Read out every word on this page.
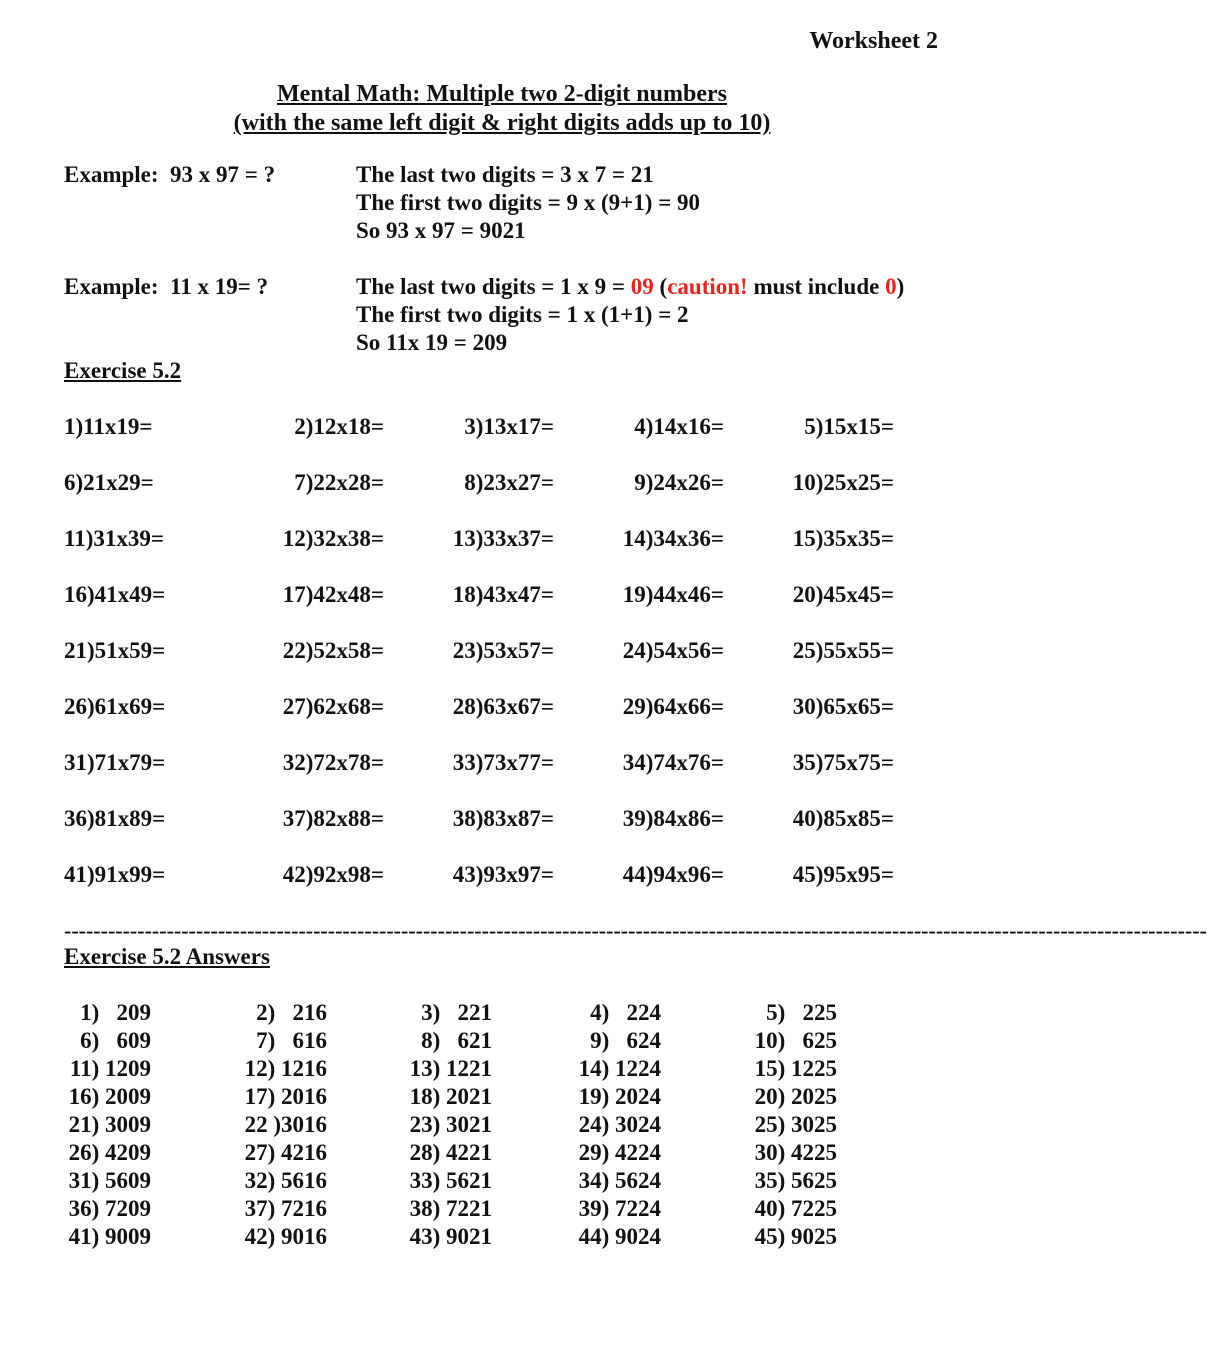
Worksheet 2
Mental Math: Multiple two 2-digit numbers
(with the same left digit & right digits adds up to 10)
Example:  93 x 97 = ?	The last two digits = 3 x 7 = 21
The first two digits = 9 x (9+1) = 90
So 93 x 97 = 9021
Example:  11 x 19= ?	The last two digits = 1 x 9 = 09 (caution! must include 0)
The first two digits = 1 x (1+1) = 2
So 11x 19 = 209
Exercise 5.2
1)11x19=	2)12x18=	3)13x17=	4)14x16=	5)15x15=
6)21x29=	7)22x28=	8)23x27=	9)24x26=	10)25x25=
11)31x39=	12)32x38=	13)33x37=	14)34x36=	15)35x35=
16)41x49=	17)42x48=	18)43x47=	19)44x46=	20)45x45=
21)51x59=	22)52x58=	23)53x57=	24)54x56=	25)55x55=
26)61x69=	27)62x68=	28)63x67=	29)64x66=	30)65x65=
31)71x79=	32)72x78=	33)73x77=	34)74x76=	35)75x75=
36)81x89=	37)82x88=	38)83x87=	39)84x86=	40)85x85=
41)91x99=	42)92x98=	43)93x97=	44)94x96=	45)95x95=
------------------------------------------------------------------------------------------------------------------------------------------------------------
Exercise 5.2 Answers
1)   209	2)   216	3)   221	4)   224	5)   225
6)   609	7)   616	8)   621	9)   624	10)   625
11) 1209	12) 1216	13) 1221	14) 1224	15) 1225
16) 2009	17) 2016	18) 2021	19) 2024	20) 2025
21) 3009	22 )3016	23) 3021	24) 3024	25) 3025
26) 4209	27) 4216	28) 4221	29) 4224	30) 4225
31) 5609	32) 5616	33) 5621	34) 5624	35) 5625
36) 7209	37) 7216	38) 7221	39) 7224	40) 7225
41) 9009	42) 9016	43) 9021	44) 9024	45) 9025
